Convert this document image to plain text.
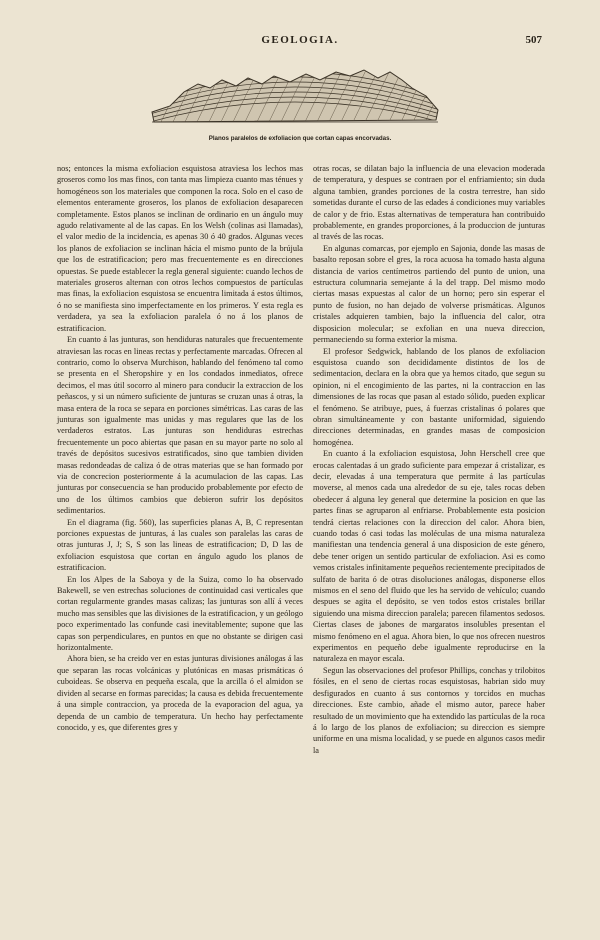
GEOLOGIA.	507
Planos paralelos de exfoliacion que cortan capas encorvadas.

nos; entonces la misma exfoliacion esquistosa atraviesa los lechos mas groseros como los mas finos, con tanta mas limpieza cuanto mas ténues y homogéneos son los materiales que componen la roca. Solo en el caso de elementos enteramente groseros, los planos de exfoliacion desaparecen completamente. Estos planos se inclinan de ordinario en un ángulo muy agudo relativamente al de las capas. En los Welsh (colinas asi llamadas), el valor medio de la incidencia, es apenas 30 ó 40 grados. Algunas veces los planos de exfoliacion se inclinan hácia el mismo punto de la brújula que los de estratificacion; pero mas frecuentemente es en direcciones opuestas. Se puede establecer la regla general siguiente: cuando lechos de materiales groseros alternan con otros lechos compuestos de partículas mas finas, la exfoliacion esquistosa se encuentra limitada á estos últimos, ó no se manifiesta sino imperfectamente en los primeros. Y esta regla es verdadera, ya sea la exfoliacion paralela ó no á los planos de estratificacion.

En cuanto á las junturas, son hendiduras naturales que frecuentemente atraviesan las rocas en lineas rectas y perfectamente marcadas. Ofrecen al contrario, como lo observa Murchison, hablando del fenómeno tal como se presenta en el Sheropshire y en los condados inmediatos, ofrece decimos, el mas útil socorro al minero para conducir la extraccion de los peñascos, y si un número suficiente de junturas se cruzan unas á otras, la masa entera de la roca se separa en porciones simétricas. Las caras de las junturas son igualmente mas unidas y mas regulares que las de los verdaderos estratos. Las junturas son hendiduras estrechas frecuentemente un poco abiertas que pasan en su mayor parte no solo al través de depósitos sucesivos estratificados, sino que tambien dividen masas redondeadas de caliza ó de otras materias que se han formado por via de concrecion posteriormente á la acumulacion de las capas. Las junturas por consecuencia se han producido probablemente por efecto de uno de los últimos cambios que debieron sufrir los depósitos sedimentarios.

En el diagrama (fig. 560), las superficies planas A, B, C representan porciones expuestas de junturas, á las cuales son paralelas las caras de otras junturas J, J; S, S son las lineas de estratificacion; D, D las de exfoliacion esquistosa que cortan en ángulo agudo los planos de estratificacion.

En los Alpes de la Saboya y de la Suiza, como lo ha observado Bakewell, se ven estrechas soluciones de continuidad casi verticales que cortan regularmente grandes masas calizas; las junturas son allí á veces mucho mas sensibles que las divisiones de la estratificacion, y un geólogo poco experimentado las confunde casi inevitablemente; supone que las capas son perpendiculares, en puntos en que no obstante se dirigen casi horizontalmente.

Ahora bien, se ha creido ver en estas junturas divisiones análogas á las que separan las rocas volcánicas y plutónicas en masas prismáticas ó cuboideas. Se observa en pequeña escala, que la arcilla ó el almidon se dividen al secarse en formas parecidas; la causa es debida frecuentemente á una simple contraccion, ya proceda de la evaporacion del agua, ya dependa de un cambio de temperatura. Un hecho hay perfectamente conocido, y es, que diferentes gres y

otras rocas, se dilatan bajo la influencia de una elevacion moderada de temperatura, y despues se contraen por el enfriamiento; sin duda alguna tambien, grandes porciones de la costra terrestre, han sido sometidas durante el curso de las edades á condiciones muy variables de calor y de frio. Estas alternativas de temperatura han contribuido probablemente, en grandes proporciones, á la produccion de junturas al través de las rocas.

En algunas comarcas, por ejemplo en Sajonia, donde las masas de basalto reposan sobre el gres, la roca acuosa ha tomado hasta alguna distancia de varios centímetros partiendo del punto de union, una estructura columnaria semejante á la del trapp. Del mismo modo ciertas masas expuestas al calor de un horno; pero sin esperar el punto de fusion, no han dejado de volverse prismáticas. Algunos cristales adquieren tambien, bajo la influencia del calor, otra disposicion molecular; se exfolian en una nueva direccion, permaneciendo su forma exterior la misma.

El profesor Sedgwick, hablando de los planos de exfoliacion esquistosa cuando son decididamente distintos de los de sedimentacion, declara en la obra que ya hemos citado, que segun su opinion, ni el encogimiento de las partes, ni la contraccion en las dimensiones de las rocas que pasan al estado sólido, pueden explicar el fenómeno. Se atribuye, pues, á fuerzas cristalinas ó polares que obran simultáneamente y con bastante uniformidad, siguiendo direcciones determinadas, en grandes masas de composicion homogénea.

En cuanto á la exfoliacion esquistosa, John Herschell cree que erocas calentadas á un grado suficiente para empezar á cristalizar, es decir, elevadas á una temperatura que permite á las partículas moverse, al menos cada una alrededor de su eje, tales rocas deben obedecer á alguna ley general que determine la posicion en que las partes finas se agruparon al enfriarse. Probablemente esta posicion tendrá ciertas relaciones con la direccion del calor. Ahora bien, cuando todas ó casi todas las moléculas de una misma naturaleza manifiestan una tendencia general á una disposicion de este género, debe tener origen un sentido particular de exfoliacion. Asi es como vemos cristales infinitamente pequeños recientemente precipitados de sulfato de barita ó de otras disoluciones análogas, disponerse ellos mismos en el seno del fluido que les ha servido de vehículo; cuando despues se agita el depósito, se ven todos estos cristales brillar siguiendo una misma direccion paralela; parecen filamentos sedosos. Ciertas clases de jabones de margaratos insolubles presentan el mismo fenómeno en el agua. Ahora bien, lo que nos ofrecen nuestros experimentos en pequeño debe igualmente reproducirse en la naturaleza en mayor escala.

Segun las observaciones del profesor Phillips, conchas y trilobitos fósiles, en el seno de ciertas rocas esquistosas, habrian sido muy desfigurados en cuanto á sus contornos y torcidos en muchas direcciones. Este cambio, añade el mismo autor, parece haber resultado de un movimiento que ha extendido las partículas de la roca á lo largo de los planos de exfoliacion; su direccion es siempre uniforme en una misma localidad, y se puede en algunos casos medir la
